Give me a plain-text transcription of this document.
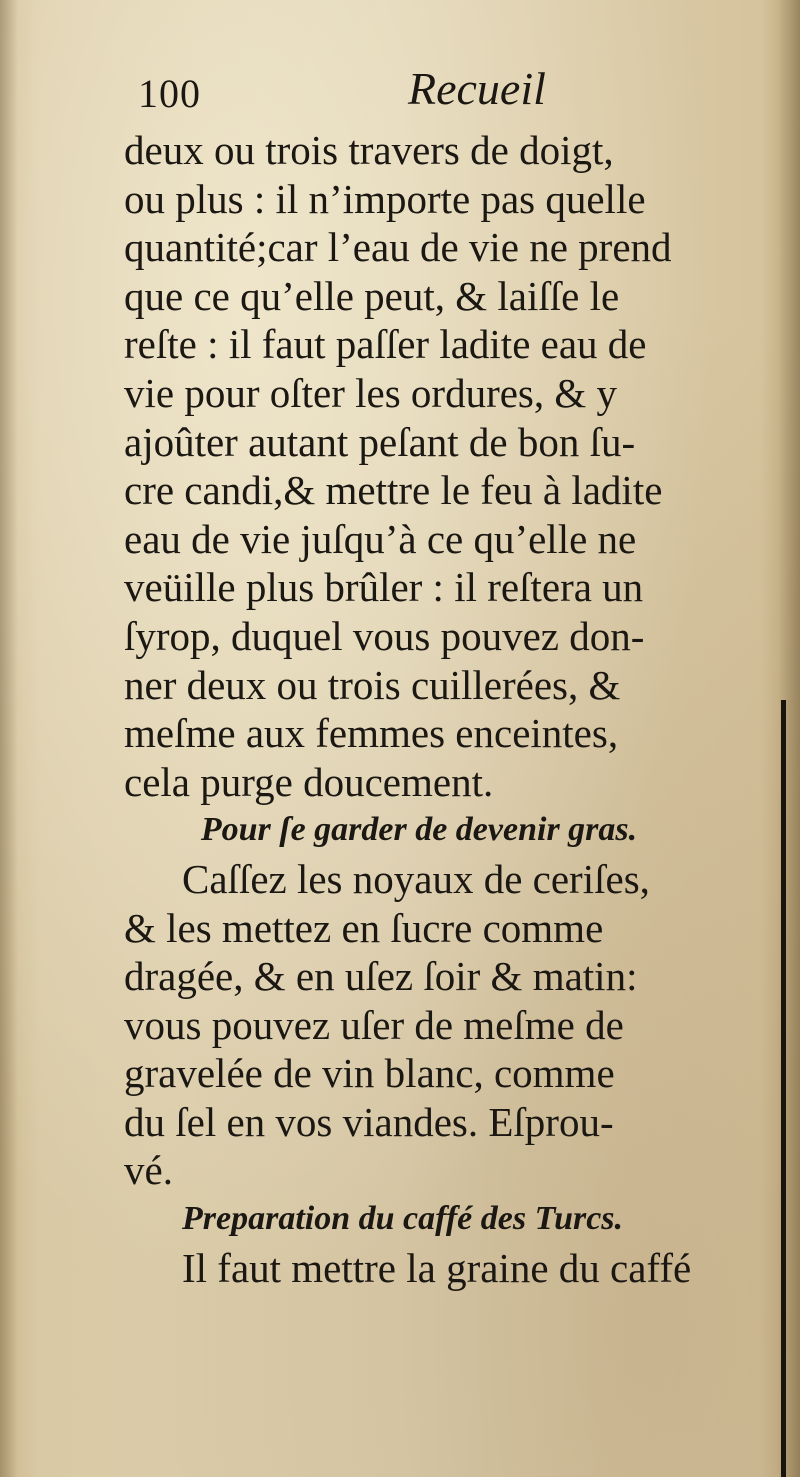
100	Recueil
deux ou trois travers de doigt,
ou plus : il n’importe pas quelle
quantité;car l’eau de vie ne prend
que ce qu’elle peut, & laiſſe le
reſte : il faut paſſer ladite eau de
vie pour oſter les ordures, & y
ajoûter autant peſant de bon ſu-
cre candi,& mettre le feu à ladite
eau de vie juſqu’à ce qu’elle ne
veüille plus brûler : il reſtera un
ſyrop, duquel vous pouvez don-
ner deux ou trois cuillerées, &
meſme aux femmes enceintes,
cela purge doucement.
Pour ſe garder de devenir gras.
Caſſez les noyaux de ceriſes,
& les mettez en ſucre comme
dragée, & en uſez ſoir & matin:
vous pouvez uſer de meſme de
gravelée de vin blanc, comme
du ſel en vos viandes. Eſprou-
vé.
Preparation du caffé des Turcs.
Il faut mettre la graine du caffé
